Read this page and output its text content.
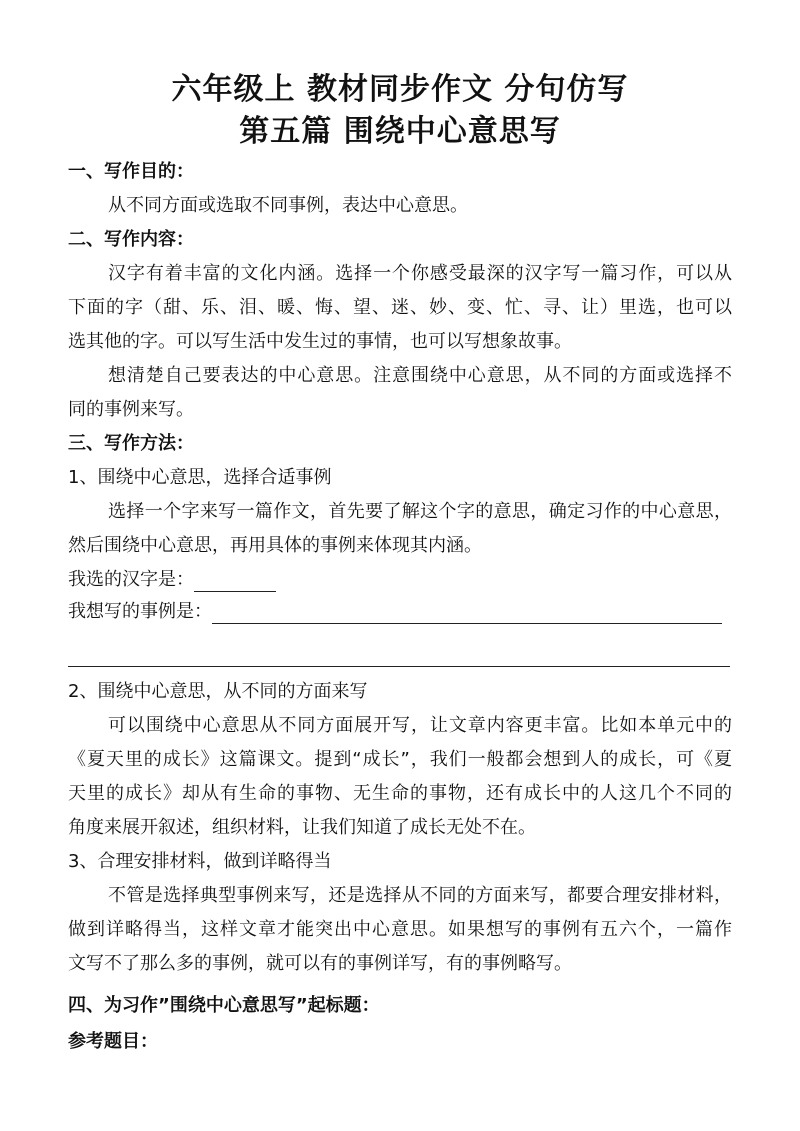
六年级上 教材同步作文 分句仿写
第五篇 围绕中心意思写

一、写作目的：

从不同方面或选取不同事例，表达中心意思。

二、写作内容：

汉字有着丰富的文化内涵。选择一个你感受最深的汉字写一篇习作，可以从

下面的字（甜、乐、泪、暖、悔、望、迷、妙、变、忙、寻、让）里选，也可以

选其他的字。可以写生活中发生过的事情，也可以写想象故事。

想清楚自己要表达的中心意思。注意围绕中心意思，从不同的方面或选择不

同的事例来写。

三、写作方法：

1、围绕中心意思，选择合适事例

选择一个字来写一篇作文，首先要了解这个字的意思，确定习作的中心意思，

然后围绕中心意思，再用具体的事例来体现其内涵。

我选的汉字是：

我想写的事例是：

2、围绕中心意思，从不同的方面来写

可以围绕中心意思从不同方面展开写，让文章内容更丰富。比如本单元中的

《夏天里的成长》这篇课文。提到“成长”，我们一般都会想到人的成长，可《夏

天里的成长》却从有生命的事物、无生命的事物，还有成长中的人这几个不同的

角度来展开叙述，组织材料，让我们知道了成长无处不在。

3、合理安排材料，做到详略得当

不管是选择典型事例来写，还是选择从不同的方面来写，都要合理安排材料，

做到详略得当，这样文章才能突出中心意思。如果想写的事例有五六个，一篇作

文写不了那么多的事例，就可以有的事例详写，有的事例略写。

四、为习作”围绕中心意思写”起标题：

参考题目：
